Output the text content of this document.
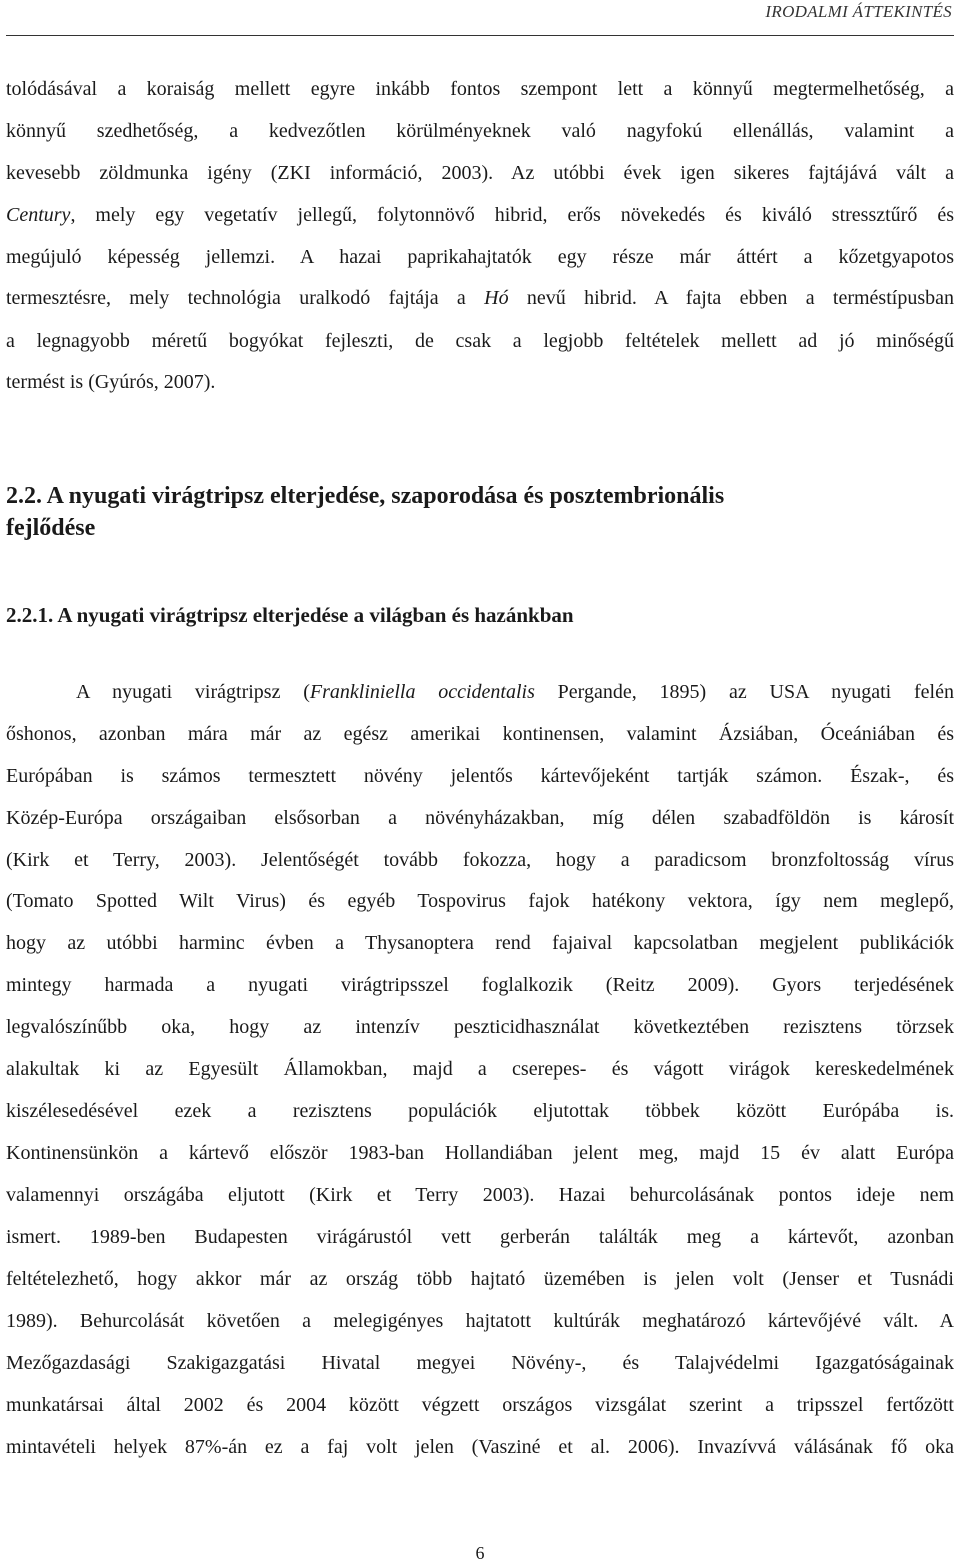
IRODALMI ÁTTEKINTÉS
tolódásával a koraiság mellett egyre inkább fontos szempont lett a könnyű megtermelhetőség, a
könnyű szedhetőség, a kedvezőtlen körülményeknek való nagyfokú ellenállás, valamint a
kevesebb zöldmunka igény (ZKI információ, 2003). Az utóbbi évek igen sikeres fajtájává vált a
Century, mely egy vegetatív jellegű, folytonnövő hibrid, erős növekedés és kiváló stressztűrő és
megújuló képesség jellemzi. A hazai paprikahajtatók egy része már áttért a kőzetgyapotos
termesztésre, mely technológia uralkodó fajtája a Hó nevű hibrid. A fajta ebben a terméstípusban
a legnagyobb méretű bogyókat fejleszti, de csak a legjobb feltételek mellett ad jó minőségű
termést is (Gyúrós, 2007).
2.2. A nyugati virágtripsz elterjedése, szaporodása és posztembrionális
fejlődése
2.2.1. A nyugati virágtripsz elterjedése a világban és hazánkban
A nyugati virágtripsz (Frankliniella occidentalis Pergande, 1895) az USA nyugati felén
őshonos, azonban mára már az egész amerikai kontinensen, valamint Ázsiában, Óceániában és
Európában is számos termesztett növény jelentős kártevőjeként tartják számon. Észak-, és
Közép-Európa országaiban elsősorban a növényházakban, míg délen szabadföldön is károsít
(Kirk et Terry, 2003). Jelentőségét tovább fokozza, hogy a paradicsom bronzfoltosság vírus
(Tomato Spotted Wilt Virus) és egyéb Tospovirus fajok hatékony vektora, így nem meglepő,
hogy az utóbbi harminc évben a Thysanoptera rend fajaival kapcsolatban megjelent publikációk
mintegy harmada a nyugati virágtripsszel foglalkozik (Reitz 2009). Gyors terjedésének
legvalószínűbb oka, hogy az intenzív peszticidhasználat következtében rezisztens törzsek
alakultak ki az Egyesült Államokban, majd a cserepes- és vágott virágok kereskedelmének
kiszélesedésével ezek a rezisztens populációk eljutottak többek között Európába is.
Kontinensünkön a kártevő először 1983-ban Hollandiában jelent meg, majd 15 év alatt Európa
valamennyi országába eljutott (Kirk et Terry 2003). Hazai behurcolásának pontos ideje nem
ismert. 1989-ben Budapesten virágárustól vett gerberán találták meg a kártevőt, azonban
feltételezhető, hogy akkor már az ország több hajtató üzemében is jelen volt (Jenser et Tusnádi
1989). Behurcolását követően a melegigényes hajtatott kultúrák meghatározó kártevőjévé vált. A
Mezőgazdasági Szakigazgatási Hivatal megyei Növény-, és Talajvédelmi Igazgatóságainak
munkatársai által 2002 és 2004 között végzett országos vizsgálat szerint a tripsszel fertőzött
mintavételi helyek 87%-án ez a faj volt jelen (Vasziné et al. 2006). Invazívvá válásának fő oka
6
